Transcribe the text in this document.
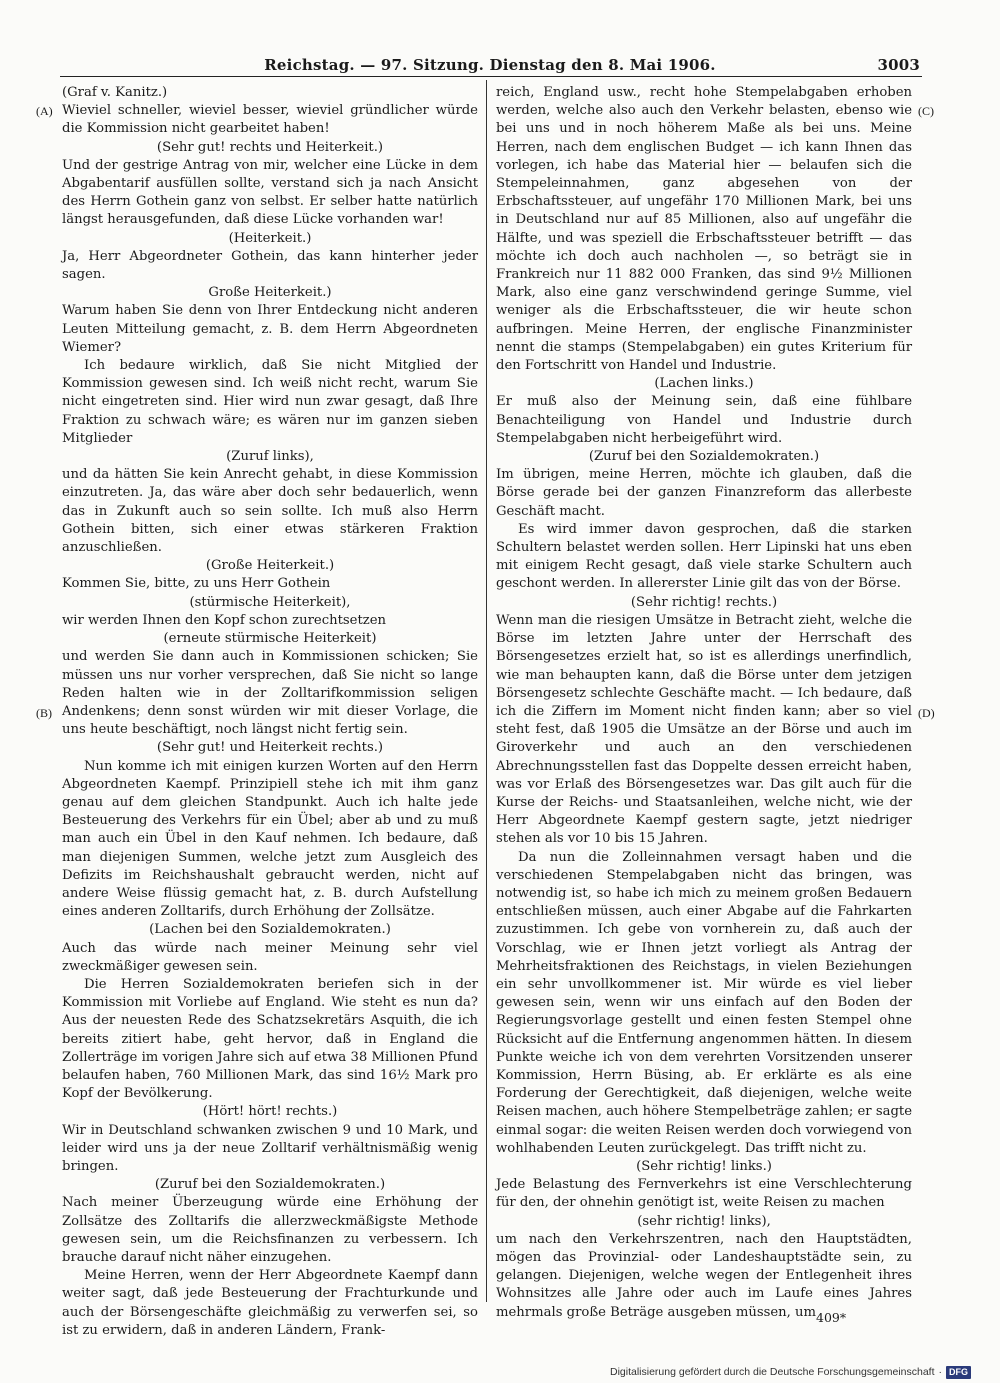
Reichstag. — 97. Sitzung. Dienstag den 8. Mai 1906.	3003
(A)
(B)
(C)
(D)

(Graf v. Kanitz.)

Wieviel schneller, wieviel besser, wieviel gründlicher würde die Kommission nicht gearbeitet haben!

(Sehr gut! rechts und Heiterkeit.)

Und der gestrige Antrag von mir, welcher eine Lücke in dem Abgabentarif ausfüllen sollte, verstand sich ja nach Ansicht des Herrn Gothein ganz von selbst. Er selber hatte natürlich längst herausgefunden, daß diese Lücke vorhanden war!

(Heiterkeit.)

Ja, Herr Abgeordneter Gothein, das kann hinterher jeder sagen.

Große Heiterkeit.)

Warum haben Sie denn von Ihrer Entdeckung nicht anderen Leuten Mitteilung gemacht, z. B. dem Herrn Abgeordneten Wiemer?

Ich bedaure wirklich, daß Sie nicht Mitglied der Kommission gewesen sind. Ich weiß nicht recht, warum Sie nicht eingetreten sind. Hier wird nun zwar gesagt, daß Ihre Fraktion zu schwach wäre; es wären nur im ganzen sieben Mitglieder

(Zuruf links),

und da hätten Sie kein Anrecht gehabt, in diese Kommission einzutreten. Ja, das wäre aber doch sehr bedauerlich, wenn das in Zukunft auch so sein sollte. Ich muß also Herrn Gothein bitten, sich einer etwas stärkeren Fraktion anzuschließen.

(Große Heiterkeit.)

Kommen Sie, bitte, zu uns Herr Gothein

(stürmische Heiterkeit),

wir werden Ihnen den Kopf schon zurechtsetzen

(erneute stürmische Heiterkeit)

und werden Sie dann auch in Kommissionen schicken; Sie müssen uns nur vorher versprechen, daß Sie nicht so lange Reden halten wie in der Zolltarifkommission seligen Andenkens; denn sonst würden wir mit dieser Vorlage, die uns heute beschäftigt, noch längst nicht fertig sein.

(Sehr gut! und Heiterkeit rechts.)

Nun komme ich mit einigen kurzen Worten auf den Herrn Abgeordneten Kaempf. Prinzipiell stehe ich mit ihm ganz genau auf dem gleichen Standpunkt. Auch ich halte jede Besteuerung des Verkehrs für ein Übel; aber ab und zu muß man auch ein Übel in den Kauf nehmen. Ich bedaure, daß man diejenigen Summen, welche jetzt zum Ausgleich des Defizits im Reichshaushalt gebraucht werden, nicht auf andere Weise flüssig gemacht hat, z. B. durch Aufstellung eines anderen Zolltarifs, durch Erhöhung der Zollsätze.

(Lachen bei den Sozialdemokraten.)

Auch das würde nach meiner Meinung sehr viel zweckmäßiger gewesen sein.

Die Herren Sozialdemokraten beriefen sich in der Kommission mit Vorliebe auf England. Wie steht es nun da? Aus der neuesten Rede des Schatzsekretärs Asquith, die ich bereits zitiert habe, geht hervor, daß in England die Zollerträge im vorigen Jahre sich auf etwa 38 Millionen Pfund belaufen haben, 760 Millionen Mark, das sind 16½ Mark pro Kopf der Bevölkerung.

(Hört! hört! rechts.)

Wir in Deutschland schwanken zwischen 9 und 10 Mark, und leider wird uns ja der neue Zolltarif verhältnismäßig wenig bringen.

(Zuruf bei den Sozialdemokraten.)

Nach meiner Überzeugung würde eine Erhöhung der Zollsätze des Zolltarifs die allerzweckmäßigste Methode gewesen sein, um die Reichsfinanzen zu verbessern. Ich brauche darauf nicht näher einzugehen.

Meine Herren, wenn der Herr Abgeordnete Kaempf dann weiter sagt, daß jede Besteuerung der Frachturkunde und auch der Börsengeschäfte gleichmäßig zu verwerfen sei, so ist zu erwidern, daß in anderen Ländern, Frank-

reich, England usw., recht hohe Stempelabgaben erhoben werden, welche also auch den Verkehr belasten, ebenso wie bei uns und in noch höherem Maße als bei uns. Meine Herren, nach dem englischen Budget — ich kann Ihnen das vorlegen, ich habe das Material hier — belaufen sich die Stempeleinnahmen, ganz abgesehen von der Erbschaftssteuer, auf ungefähr 170 Millionen Mark, bei uns in Deutschland nur auf 85 Millionen, also auf ungefähr die Hälfte, und was speziell die Erbschaftssteuer betrifft — das möchte ich doch auch nachholen —, so beträgt sie in Frankreich nur 11 882 000 Franken, das sind 9½ Millionen Mark, also eine ganz verschwindend geringe Summe, viel weniger als die Erbschaftssteuer, die wir heute schon aufbringen. Meine Herren, der englische Finanzminister nennt die stamps (Stempelabgaben) ein gutes Kriterium für den Fortschritt von Handel und Industrie.

(Lachen links.)

Er muß also der Meinung sein, daß eine fühlbare Benachteiligung von Handel und Industrie durch Stempelabgaben nicht herbeigeführt wird.

(Zuruf bei den Sozialdemokraten.)

Im übrigen, meine Herren, möchte ich glauben, daß die Börse gerade bei der ganzen Finanzreform das allerbeste Geschäft macht.

Es wird immer davon gesprochen, daß die starken Schultern belastet werden sollen. Herr Lipinski hat uns eben mit einigem Recht gesagt, daß viele starke Schultern auch geschont werden. In allererster Linie gilt das von der Börse.

(Sehr richtig! rechts.)

Wenn man die riesigen Umsätze in Betracht zieht, welche die Börse im letzten Jahre unter der Herrschaft des Börsengesetzes erzielt hat, so ist es allerdings unerfindlich, wie man behaupten kann, daß die Börse unter dem jetzigen Börsengesetz schlechte Geschäfte macht. — Ich bedaure, daß ich die Ziffern im Moment nicht finden kann; aber so viel steht fest, daß 1905 die Umsätze an der Börse und auch im Giroverkehr und auch an den verschiedenen Abrechnungsstellen fast das Doppelte dessen erreicht haben, was vor Erlaß des Börsengesetzes war. Das gilt auch für die Kurse der Reichs- und Staatsanleihen, welche nicht, wie der Herr Abgeordnete Kaempf gestern sagte, jetzt niedriger stehen als vor 10 bis 15 Jahren.

Da nun die Zolleinnahmen versagt haben und die verschiedenen Stempelabgaben nicht das bringen, was notwendig ist, so habe ich mich zu meinem großen Bedauern entschließen müssen, auch einer Abgabe auf die Fahrkarten zuzustimmen. Ich gebe von vornherein zu, daß auch der Vorschlag, wie er Ihnen jetzt vorliegt als Antrag der Mehrheitsfraktionen des Reichstags, in vielen Beziehungen ein sehr unvollkommener ist. Mir würde es viel lieber gewesen sein, wenn wir uns einfach auf den Boden der Regierungsvorlage gestellt und einen festen Stempel ohne Rücksicht auf die Entfernung angenommen hätten. In diesem Punkte weiche ich von dem verehrten Vorsitzenden unserer Kommission, Herrn Büsing, ab. Er erklärte es als eine Forderung der Gerechtigkeit, daß diejenigen, welche weite Reisen machen, auch höhere Stempelbeträge zahlen; er sagte einmal sogar: die weiten Reisen werden doch vorwiegend von wohlhabenden Leuten zurückgelegt. Das trifft nicht zu.

(Sehr richtig! links.)

Jede Belastung des Fernverkehrs ist eine Verschlechterung für den, der ohnehin genötigt ist, weite Reisen zu machen

(sehr richtig! links),

um nach den Verkehrszentren, nach den Hauptstädten, mögen das Provinzial- oder Landeshauptstädte sein, zu gelangen. Diejenigen, welche wegen der Entlegenheit ihres Wohnsitzes alle Jahre oder auch im Laufe eines Jahres mehrmals große Beträge ausgeben müssen, um 409*
Digitalisierung gefördert durch die Deutsche Forschungsgemeinschaft · DFG
